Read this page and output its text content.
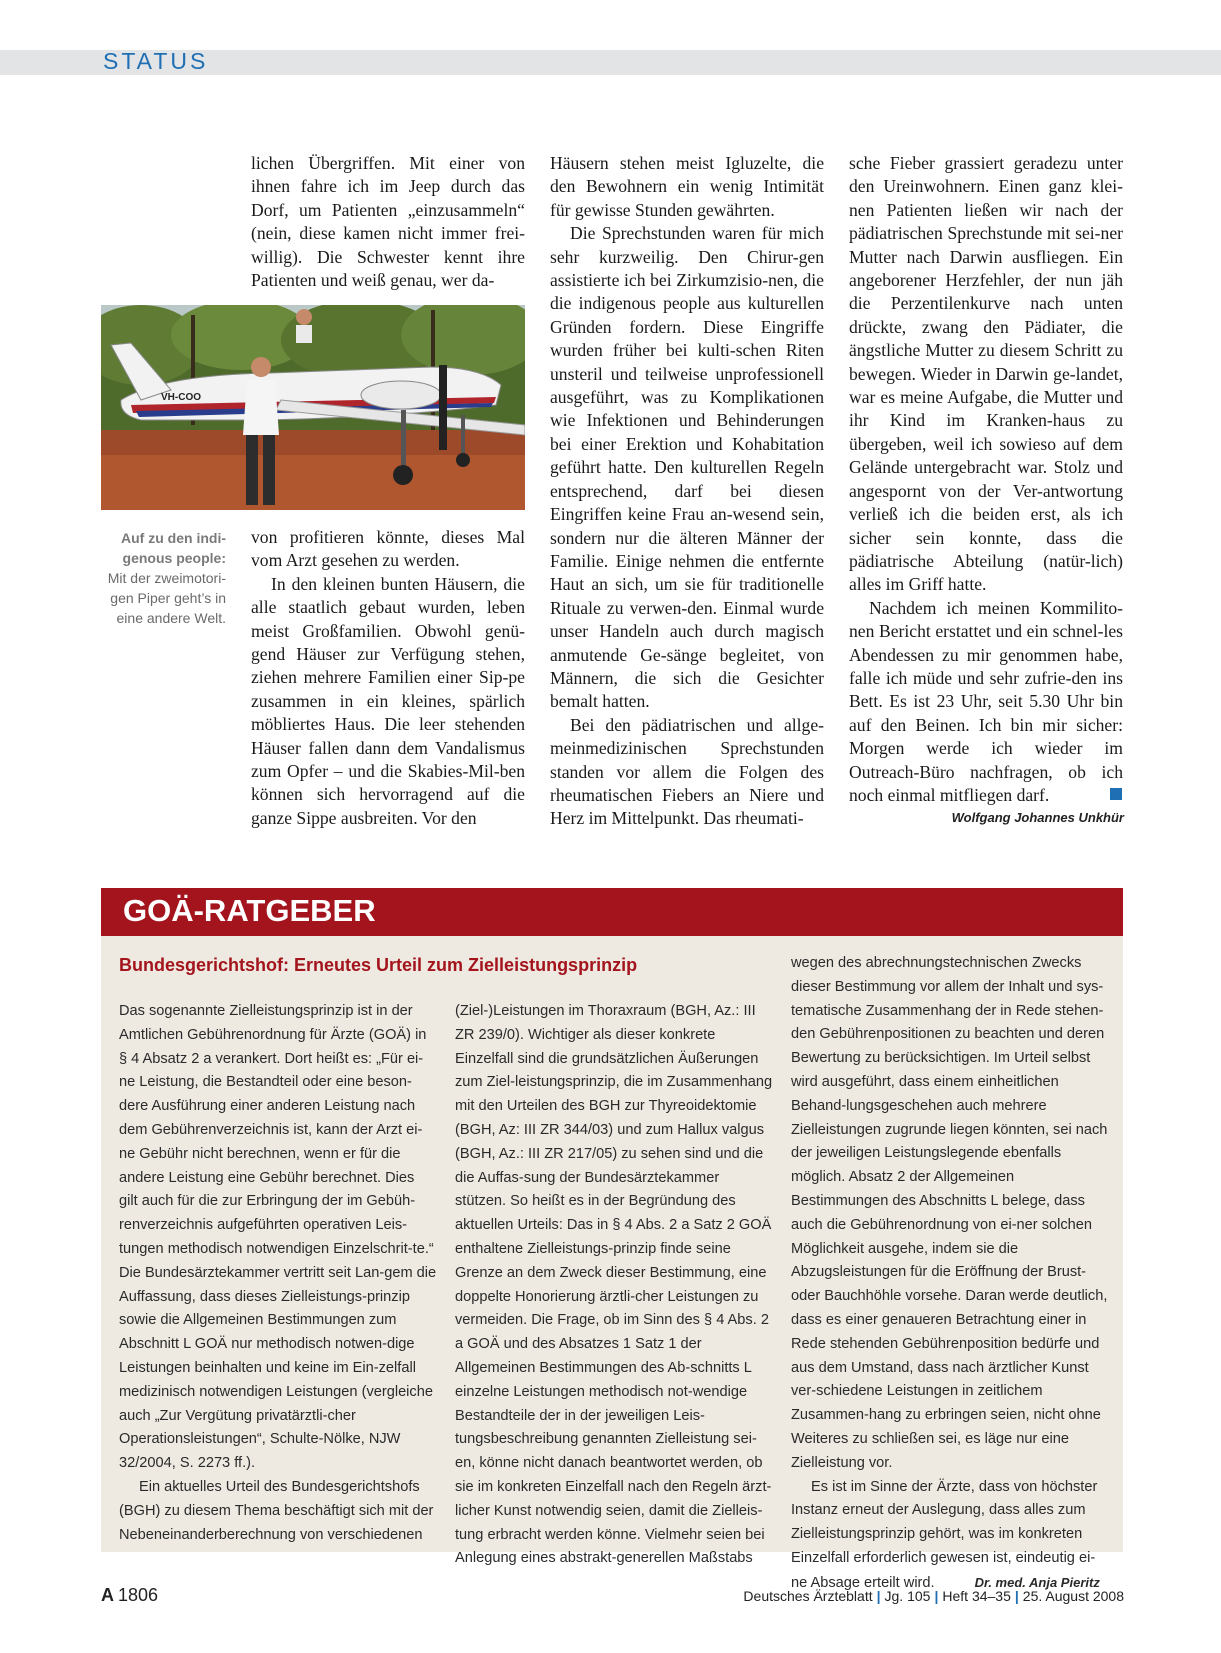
STATUS

lichen Übergriffen. Mit einer von ihnen fahre ich im Jeep durch das Dorf, um Patienten „einzusammeln“ (nein, diese kamen nicht immer frei-willig). Die Schwester kennt ihre Patienten und weiß genau, wer da-

VH-COO
Auf zu den indi-genous people:
Mit der zweimotori-gen Piper geht’s in eine andere Welt.

von profitieren könnte, dieses Mal vom Arzt gesehen zu werden.

In den kleinen bunten Häusern, die alle staatlich gebaut wurden, leben meist Großfamilien. Obwohl genü-gend Häuser zur Verfügung stehen, ziehen mehrere Familien einer Sip-pe zusammen in ein kleines, spärlich möbliertes Haus. Die leer stehenden Häuser fallen dann dem Vandalismus zum Opfer – und die Skabies-Mil-ben können sich hervorragend auf die ganze Sippe ausbreiten. Vor den

Häusern stehen meist Igluzelte, die den Bewohnern ein wenig Intimität für gewisse Stunden gewährten.

Die Sprechstunden waren für mich sehr kurzweilig. Den Chirur-gen assistierte ich bei Zirkumzisio-nen, die die indigenous people aus kulturellen Gründen fordern. Diese Eingriffe wurden früher bei kulti-schen Riten unsteril und teilweise unprofessionell ausgeführt, was zu Komplikationen wie Infektionen und Behinderungen bei einer Erektion und Kohabitation geführt hatte. Den kulturellen Regeln entsprechend, darf bei diesen Eingriffen keine Frau an-wesend sein, sondern nur die älteren Männer der Familie. Einige nehmen die entfernte Haut an sich, um sie für traditionelle Rituale zu verwen-den. Einmal wurde unser Handeln auch durch magisch anmutende Ge-sänge begleitet, von Männern, die sich die Gesichter bemalt hatten.

Bei den pädiatrischen und allge-meinmedizinischen Sprechstunden standen vor allem die Folgen des rheumatischen Fiebers an Niere und Herz im Mittelpunkt. Das rheumati-

sche Fieber grassiert geradezu unter den Ureinwohnern. Einen ganz klei-nen Patienten ließen wir nach der pädiatrischen Sprechstunde mit sei-ner Mutter nach Darwin ausfliegen. Ein angeborener Herzfehler, der nun jäh die Perzentilenkurve nach unten drückte, zwang den Pädiater, die ängstliche Mutter zu diesem Schritt zu bewegen. Wieder in Darwin ge-landet, war es meine Aufgabe, die Mutter und ihr Kind im Kranken-haus zu übergeben, weil ich sowieso auf dem Gelände untergebracht war. Stolz und angespornt von der Ver-antwortung verließ ich die beiden erst, als ich sicher sein konnte, dass die pädiatrische Abteilung (natür-lich) alles im Griff hatte.

Nachdem ich meinen Kommilito-nen Bericht erstattet und ein schnel-les Abendessen zu mir genommen habe, falle ich müde und sehr zufrie-den ins Bett. Es ist 23 Uhr, seit 5.30 Uhr bin auf den Beinen. Ich bin mir sicher: Morgen werde ich wieder im Outreach-Büro nachfragen, ob ich noch einmal mitfliegen darf.

Wolfgang Johannes Unkhür
GOÄ-RATGEBER
Bundesgerichtshof: Erneutes Urteil zum Zielleistungsprinzip

Das sogenannte Zielleistungsprinzip ist in der Amtlichen Gebührenordnung für Ärzte (GOÄ) in § 4 Absatz 2 a verankert. Dort heißt es: „Für ei-ne Leistung, die Bestandteil oder eine beson-dere Ausführung einer anderen Leistung nach dem Gebührenverzeichnis ist, kann der Arzt ei-ne Gebühr nicht berechnen, wenn er für die andere Leistung eine Gebühr berechnet. Dies gilt auch für die zur Erbringung der im Gebüh-renverzeichnis aufgeführten operativen Leis-tungen methodisch notwendigen Einzelschrit-te.“ Die Bundesärztekammer vertritt seit Lan-gem die Auffassung, dass dieses Zielleistungs-prinzip sowie die Allgemeinen Bestimmungen zum Abschnitt L GOÄ nur methodisch notwen-dige Leistungen beinhalten und keine im Ein-zelfall medizinisch notwendigen Leistungen (vergleiche auch „Zur Vergütung privatärztli-cher Operationsleistungen“, Schulte-Nölke, NJW 32/2004, S. 2273 ff.).

Ein aktuelles Urteil des Bundesgerichtshofs (BGH) zu diesem Thema beschäftigt sich mit der Nebeneinanderberechnung von verschiedenen

(Ziel-)Leistungen im Thoraxraum (BGH, Az.: III ZR 239/0). Wichtiger als dieser konkrete Einzelfall sind die grundsätzlichen Äußerungen zum Ziel-leistungsprinzip, die im Zusammenhang mit den Urteilen des BGH zur Thyreoidektomie (BGH, Az: III ZR 344/03) und zum Hallux valgus (BGH, Az.: III ZR 217/05) zu sehen sind und die die Auffas-sung der Bundesärztekammer stützen. So heißt es in der Begründung des aktuellen Urteils: Das in § 4 Abs. 2 a Satz 2 GOÄ enthaltene Zielleistungs-prinzip finde seine Grenze an dem Zweck dieser Bestimmung, eine doppelte Honorierung ärztli-cher Leistungen zu vermeiden. Die Frage, ob im Sinn des § 4 Abs. 2 a GOÄ und des Absatzes 1 Satz 1 der Allgemeinen Bestimmungen des Ab-schnitts L einzelne Leistungen methodisch not-wendige Bestandteile der in der jeweiligen Leis-tungsbeschreibung genannten Zielleistung sei-en, könne nicht danach beantwortet werden, ob sie im konkreten Einzelfall nach den Regeln ärzt-licher Kunst notwendig seien, damit die Zielleis-tung erbracht werden könne. Vielmehr seien bei Anlegung eines abstrakt-generellen Maßstabs

wegen des abrechnungstechnischen Zwecks dieser Bestimmung vor allem der Inhalt und sys-tematische Zusammenhang der in Rede stehen-den Gebührenpositionen zu beachten und deren Bewertung zu berücksichtigen. Im Urteil selbst wird ausgeführt, dass einem einheitlichen Behand-lungsgeschehen auch mehrere Zielleistungen zugrunde liegen könnten, sei nach der jeweiligen Leistungslegende ebenfalls möglich. Absatz 2 der Allgemeinen Bestimmungen des Abschnitts L belege, dass auch die Gebührenordnung von ei-ner solchen Möglichkeit ausgehe, indem sie die Abzugsleistungen für die Eröffnung der Brust- oder Bauchhöhle vorsehe. Daran werde deutlich, dass es einer genaueren Betrachtung einer in Rede stehenden Gebührenposition bedürfe und aus dem Umstand, dass nach ärztlicher Kunst ver-schiedene Leistungen in zeitlichem Zusammen-hang zu erbringen seien, nicht ohne Weiteres zu schließen sei, es läge nur eine Zielleistung vor.

Es ist im Sinne der Ärzte, dass von höchster Instanz erneut der Auslegung, dass alles zum Zielleistungsprinzip gehört, was im konkreten Einzelfall erforderlich gewesen ist, eindeutig ei-ne Absage erteilt wird.	Dr. med. Anja Pieritz

A 1806	Deutsches Ärzteblatt | Jg. 105 | Heft 34–35 | 25. August 2008
